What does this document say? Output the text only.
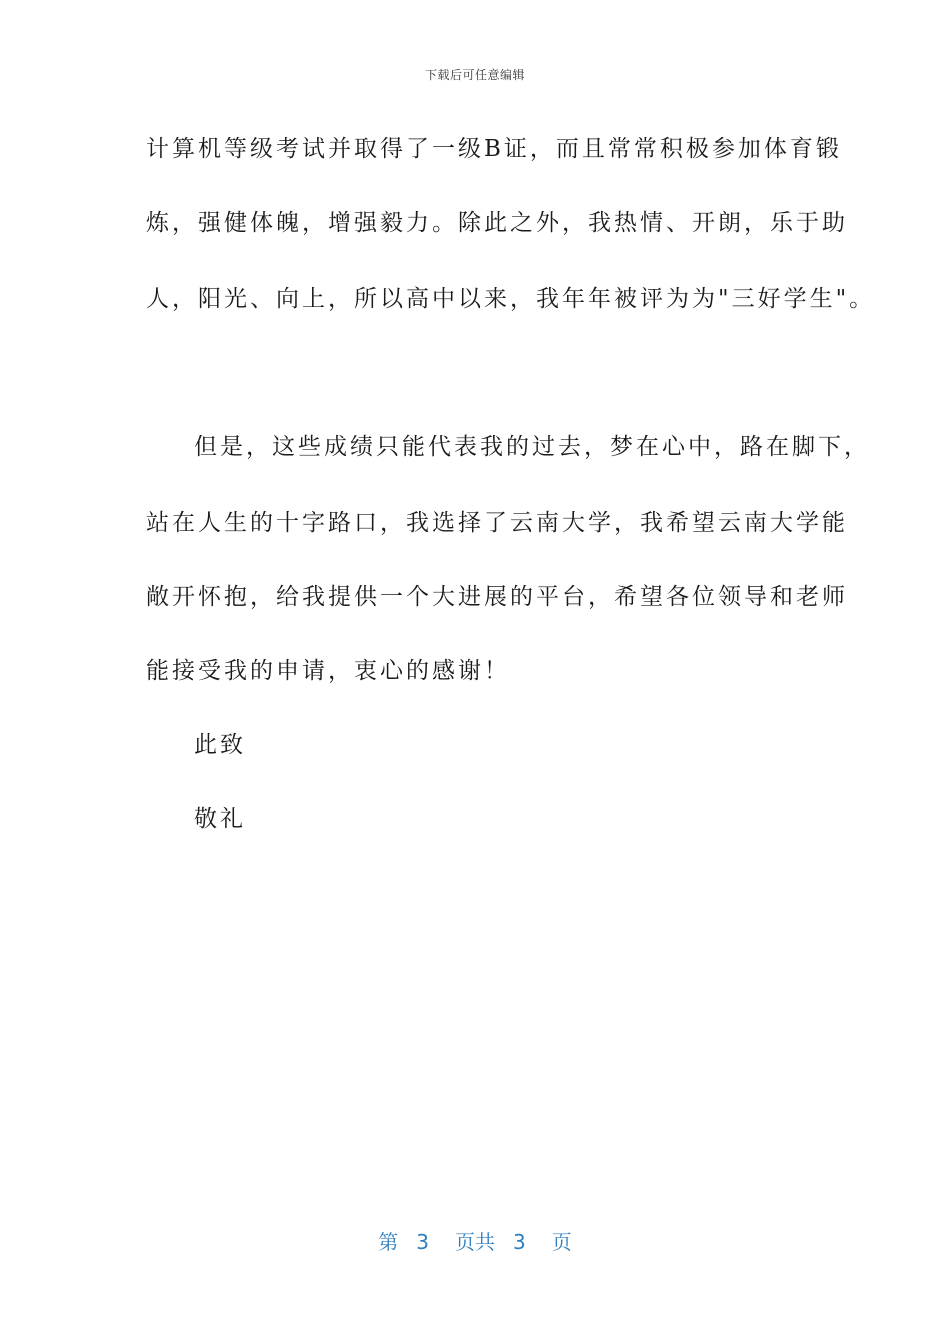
下载后可任意编辑
计算机等级考试并取得了一级B证，而且常常积极参加体育锻
炼，强健体魄，增强毅力。除此之外，我热情、开朗，乐于助
人，阳光、向上，所以高中以来，我年年被评为为"三好学生"。
但是，这些成绩只能代表我的过去，梦在心中，路在脚下，
站在人生的十字路口，我选择了云南大学，我希望云南大学能
敞开怀抱，给我提供一个大进展的平台，希望各位领导和老师
能接受我的申请，衷心的感谢！
此致
敬礼
第 3 页共 3 页
